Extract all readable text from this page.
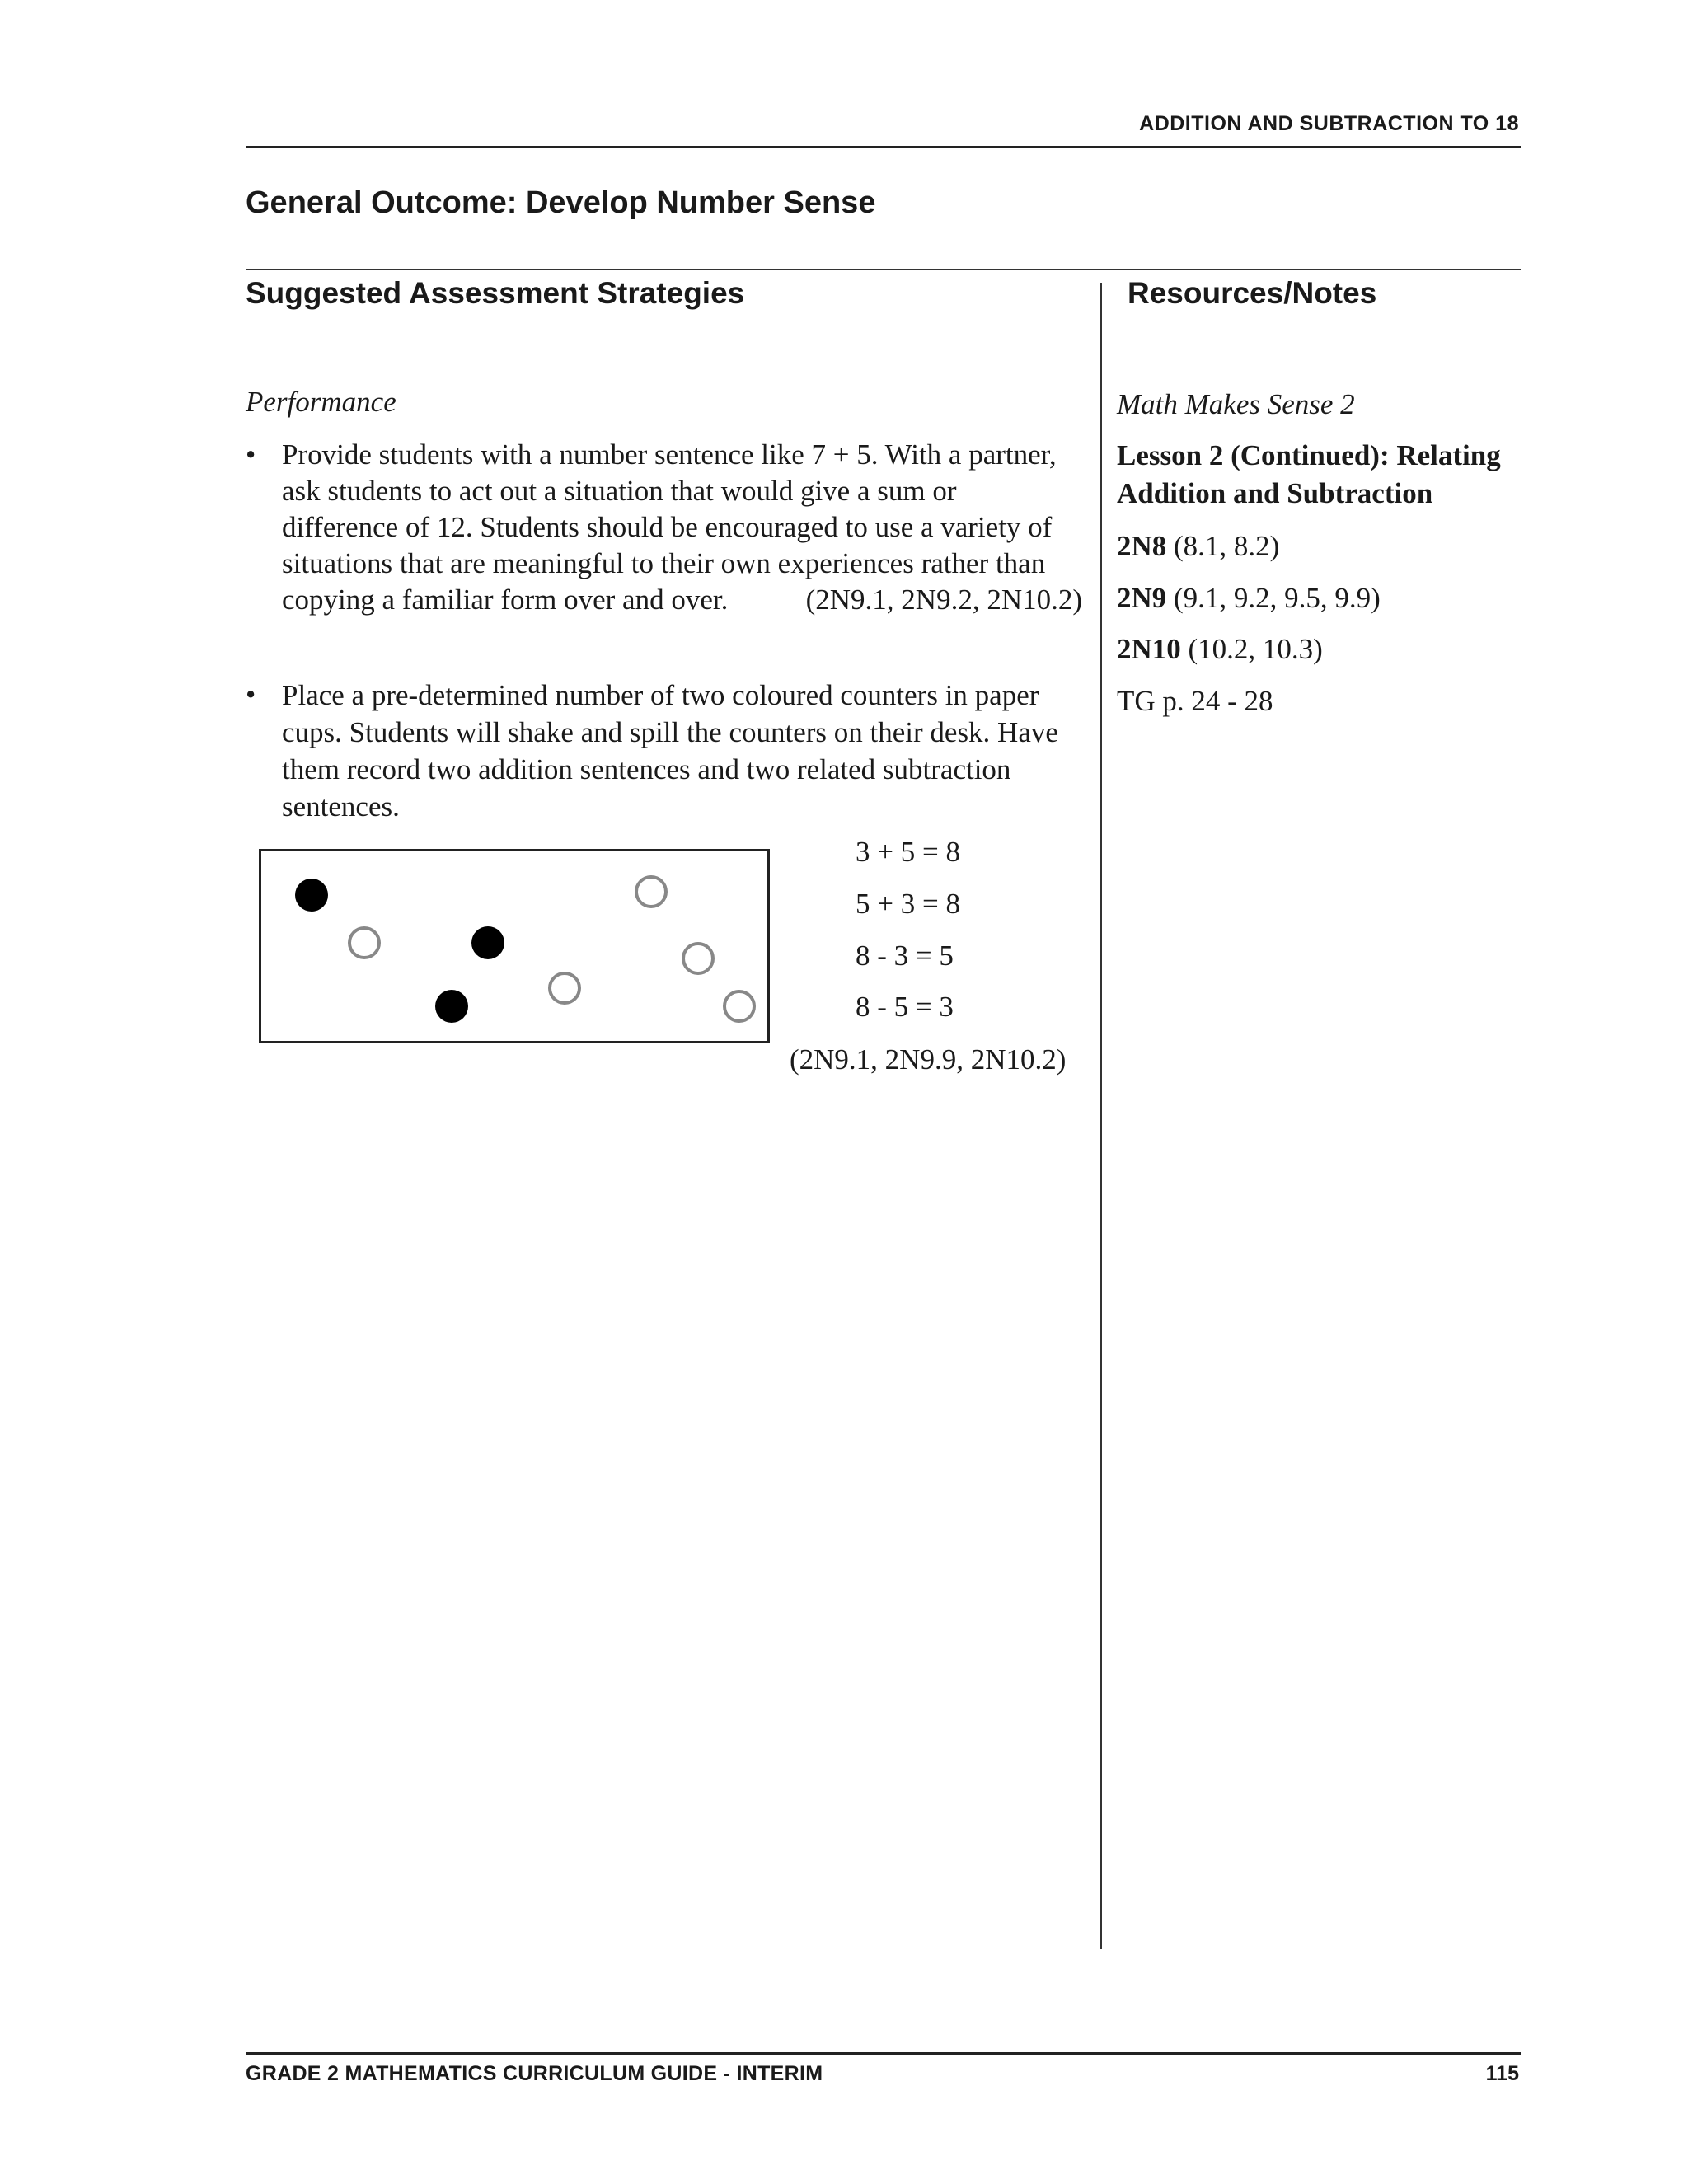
ADDITION AND SUBTRACTION TO 18
General Outcome: Develop Number Sense
Suggested Assessment Strategies	Resources/Notes
Performance
• Provide students with a number sentence like 7 + 5. With a partner, ask students to act out a situation that would give a sum or difference of 12. Students should be encouraged to use a variety of situations that are meaningful to their own experiences rather than copying a familiar form over and over.	(2N9.1, 2N9.2, 2N10.2)
• Place a pre-determined number of two coloured counters in paper cups. Students will shake and spill the counters on their desk. Have them record two addition sentences and two related subtraction sentences.
3 + 5 = 8
5 + 3 = 8
8 - 3 = 5
8 - 5 = 3
(2N9.1, 2N9.9, 2N10.2)
Math Makes Sense 2
Lesson 2 (Continued): Relating Addition and Subtraction
2N8 (8.1, 8.2)
2N9 (9.1, 9.2, 9.5, 9.9)
2N10 (10.2, 10.3)
TG p. 24 - 28
GRADE 2 MATHEMATICS CURRICULUM GUIDE - INTERIM	115
